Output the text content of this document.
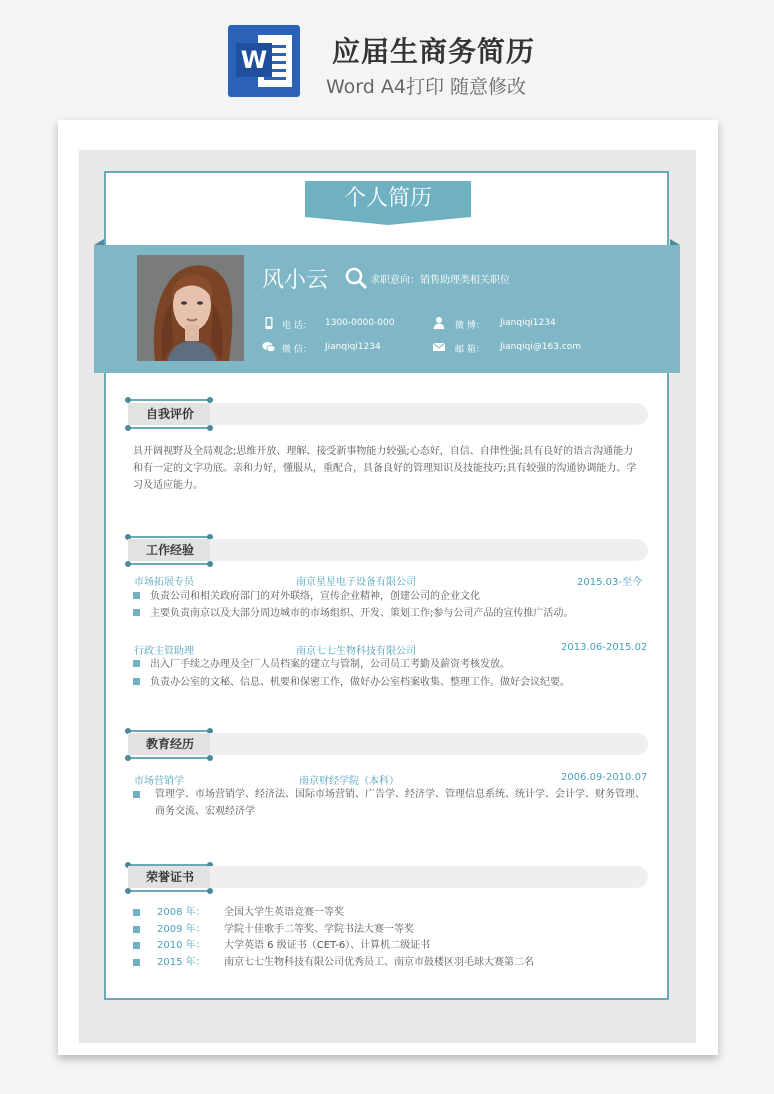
W 应届生商务简历
Word A4打印 随意修改
个人简历
风小云	求职意向：销售助理类相关职位
电 话： 1300-0000-000
微 信： Jianqiqi1234
微 博： Jianqiqi1234
邮 箱： Jianqiqi@163.com
自我评价
具开阔视野及全局观念;思维开放、理解、接受新事物能力较强;心态好，自信、自律性强;具有良好的语言沟通能力和有一定的文字功底。亲和力好，懂服从，重配合，具备良好的管理知识及技能技巧;具有较强的沟通协调能力、学习及适应能力。
工作经验
市场拓展专员	南京星星电子设备有限公司	2015.03-至今
负责公司和相关政府部门的对外联络，宣传企业精神，创建公司的企业文化
主要负责南京以及大部分周边城市的市场组织、开发、策划工作;参与公司产品的宣传推广活动。
行政主管助理	南京七七生物科技有限公司	2013.06-2015.02
出入厂手续之办理及全厂人员档案的建立与管制，公司员工考勤及薪资考核发放。
负责办公室的文秘、信息、机要和保密工作，做好办公室档案收集、整理工作。做好会议纪要。
教育经历
市场营销学	南京财经学院（本科）	2006.09-2010.07
管理学、市场营销学、经济法、国际市场营销、广告学、经济学、管理信息系统、统计学、会计学、财务管理、商务交流、宏观经济学
荣誉证书
2008 年： 全国大学生英语竞赛一等奖
2009 年： 学院十佳歌手二等奖、学院书法大赛一等奖
2010 年： 大学英语 6 级证书（CET-6）、计算机二级证书
2015 年： 南京七七生物科技有限公司优秀员工、南京市鼓楼区羽毛球大赛第二名
